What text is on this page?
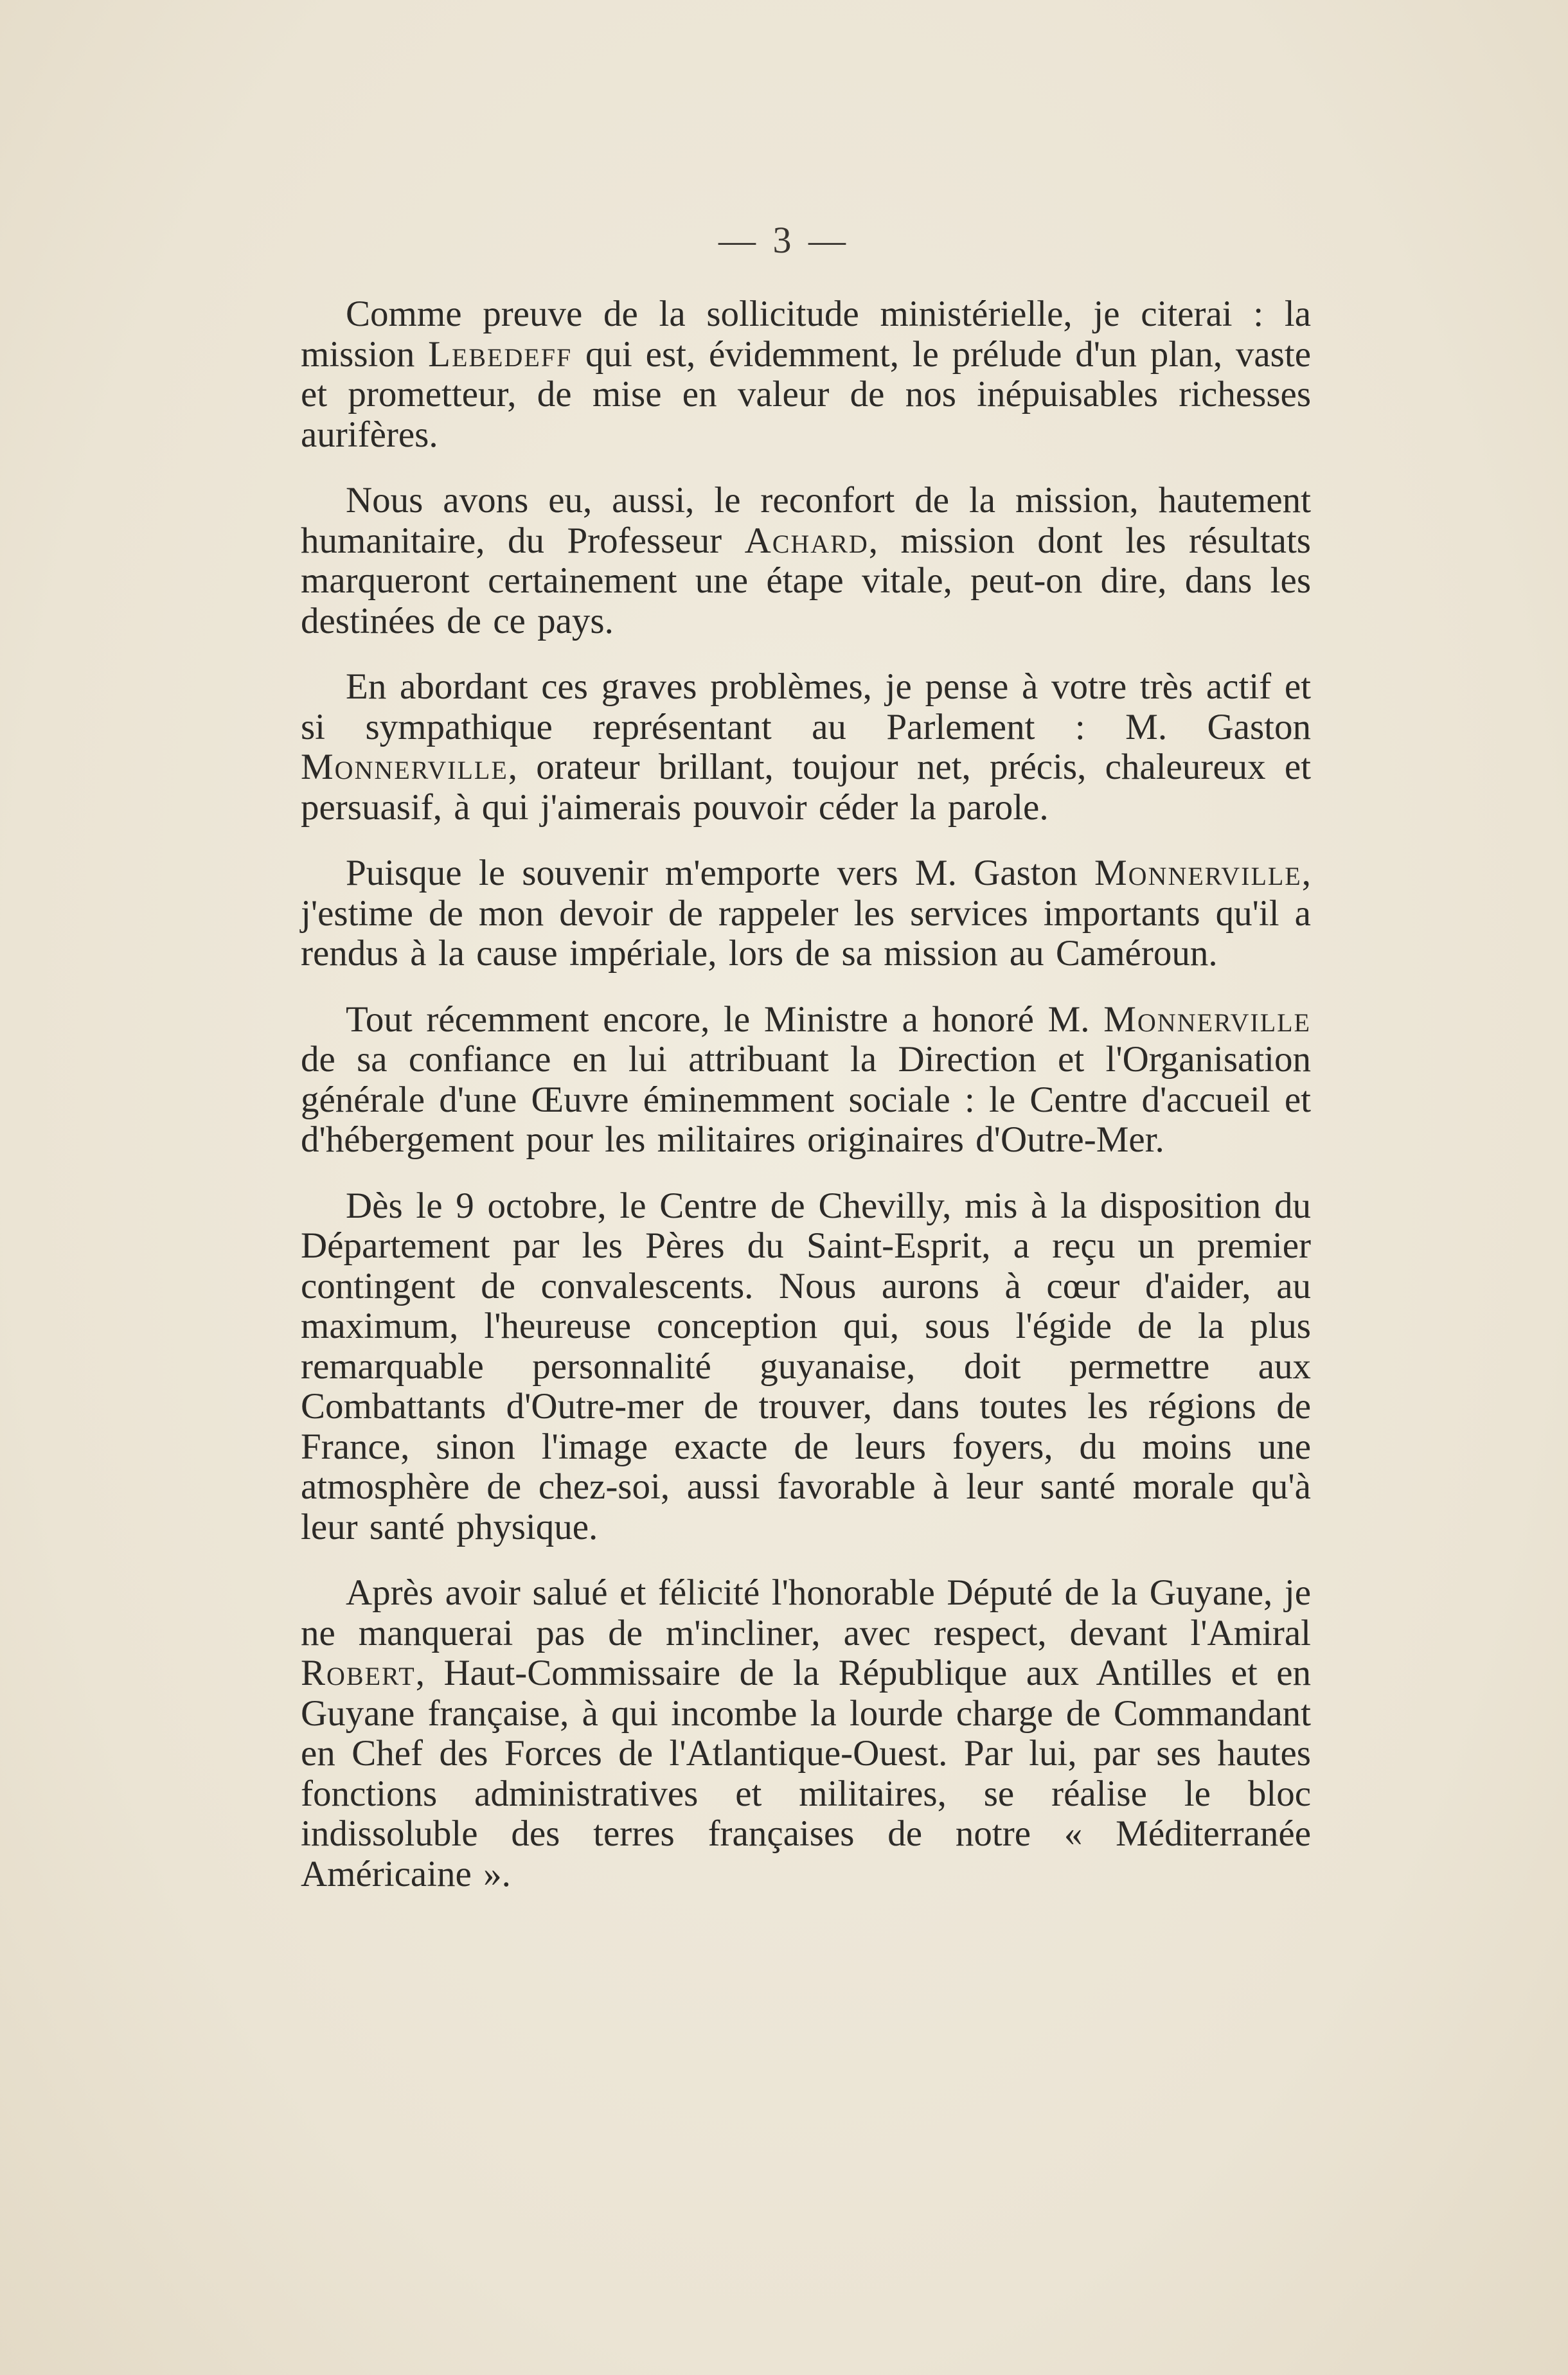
— 3 —

Comme preuve de la sollicitude ministérielle, je citerai : la mission Lebedeff qui est, évidemment, le prélude d'un plan, vaste et prometteur, de mise en valeur de nos inépuisables richesses aurifères.

Nous avons eu, aussi, le reconfort de la mission, hautement humanitaire, du Professeur Achard, mission dont les résultats marqueront certainement une étape vitale, peut-on dire, dans les destinées de ce pays.

En abordant ces graves problèmes, je pense à votre très actif et si sympathique représentant au Parlement : M. Gaston Monnerville, orateur brillant, toujour net, précis, chaleureux et persuasif, à qui j'aimerais pouvoir céder la parole.

Puisque le souvenir m'emporte vers M. Gaston Monnerville, j'estime de mon devoir de rappeler les services importants qu'il a rendus à la cause impériale, lors de sa mission au Caméroun.

Tout récemment encore, le Ministre a honoré M. Monnerville de sa confiance en lui attribuant la Direction et l'Organisation générale d'une Œuvre éminemment sociale : le Centre d'accueil et d'hébergement pour les militaires originaires d'Outre-Mer.

Dès le 9 octobre, le Centre de Chevilly, mis à la disposition du Département par les Pères du Saint-Esprit, a reçu un premier contingent de convalescents. Nous aurons à cœur d'aider, au maximum, l'heureuse conception qui, sous l'égide de la plus remarquable personnalité guyanaise, doit permettre aux Combattants d'Outre-mer de trouver, dans toutes les régions de France, sinon l'image exacte de leurs foyers, du moins une atmosphère de chez-soi, aussi favorable à leur santé morale qu'à leur santé physique.

Après avoir salué et félicité l'honorable Député de la Guyane, je ne manquerai pas de m'incliner, avec respect, devant l'Amiral Robert, Haut-Commissaire de la République aux Antilles et en Guyane française, à qui incombe la lourde charge de Commandant en Chef des Forces de l'Atlantique-Ouest. Par lui, par ses hautes fonctions administratives et militaires, se réalise le bloc indissoluble des terres françaises de notre « Méditerranée Américaine ».
